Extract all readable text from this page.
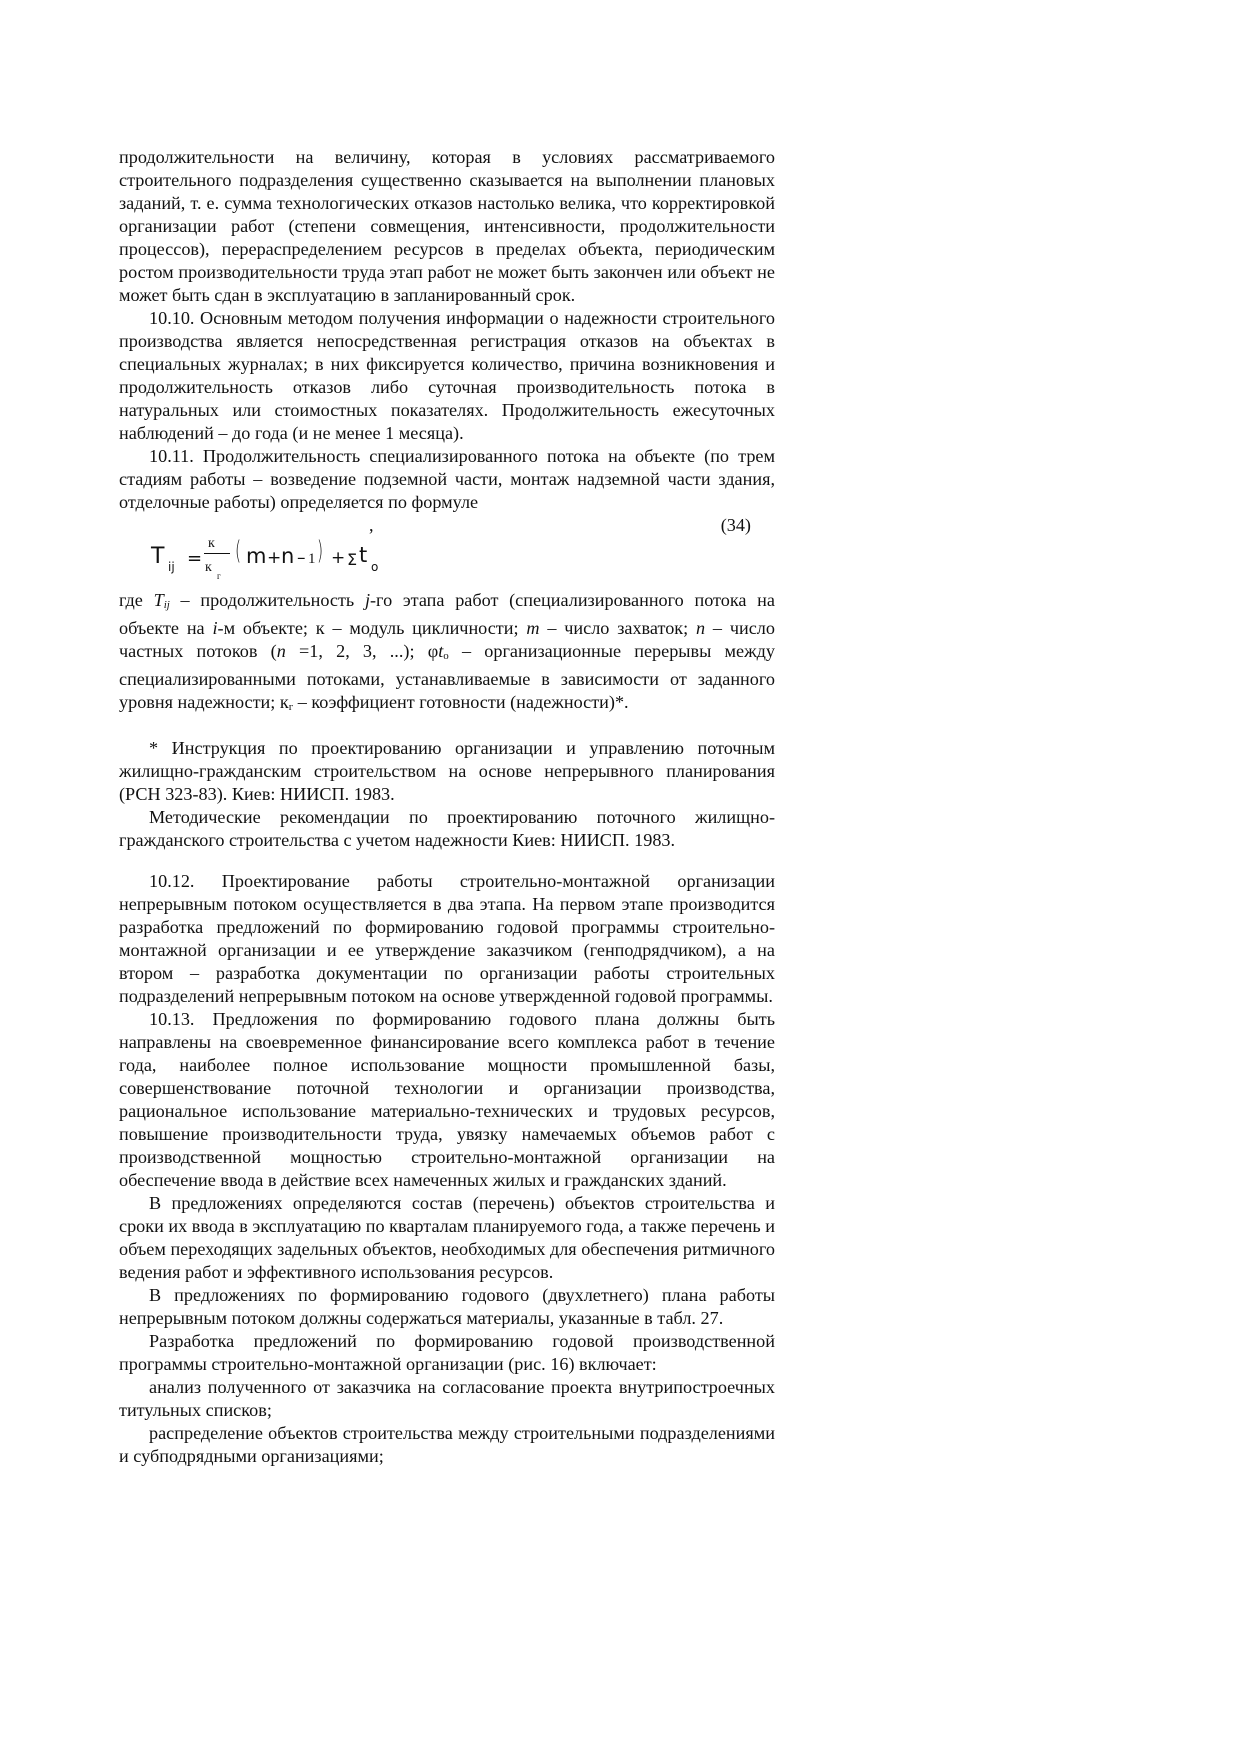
продолжительности на величину, которая в условиях рассматриваемого строительного подразделения существенно сказывается на выполнении плановых заданий, т. е. сумма технологических отказов настолько велика, что корректировкой организации работ (степени совмещения, интенсивности, продолжительности процессов), перераспределением ресурсов в пределах объекта, периодическим ростом производительности труда этап работ не может быть закончен или объект не может быть сдан в эксплуатацию в запланированный срок.

10.10. Основным методом получения информации о надежности строительного производства является непосредственная регистрация отказов на объектах в специальных журналах; в них фиксируется количество, причина возникновения и продолжительность отказов либо суточная производительность потока в натуральных или стоимостных показателях. Продолжительность ежесуточных наблюдений – до года (и не менее 1 месяца).

10.11. Продолжительность специализированного потока на объекте (по трем стадиям работы – возведение подземной части, монтаж надземной части здания, отделочные работы) определяется по формуле

,	(34)
T ij =
к
к
г
( m + n – 1 ) + Σ t o

где Tij – продолжительность j-го этапа работ (специализированного потока на объекте на i-м объекте; к – модуль цикличности; m – число захваток; n – число частных потоков (n =1, 2, 3, ...); φto – организационные перерывы между специализированными потоками, устанавливаемые в зависимости от заданного уровня надежности; кг – коэффициент готовности (надежности)*.

* Инструкция по проектированию организации и управлению поточным жилищно-гражданским строительством на основе непрерывного планирования (РСН 323-83). Киев: НИИСП. 1983.

Методические рекомендации по проектированию поточного жилищно-гражданского строительства с учетом надежности Киев: НИИСП. 1983.

10.12. Проектирование работы строительно-монтажной организации непрерывным потоком осуществляется в два этапа. На первом этапе производится разработка предложений по формированию годовой программы строительно-монтажной организации и ее утверждение заказчиком (генподрядчиком), а на втором – разработка документации по организации работы строительных подразделений непрерывным потоком на основе утвержденной годовой программы.

10.13. Предложения по формированию годового плана должны быть направлены на своевременное финансирование всего комплекса работ в течение года, наиболее полное использование мощности промышленной базы, совершенствование поточной технологии и организации производства, рациональное использование материально-технических и трудовых ресурсов, повышение производительности труда, увязку намечаемых объемов работ с производственной мощностью строительно-монтажной организации на обеспечение ввода в действие всех намеченных жилых и гражданских зданий.

В предложениях определяются состав (перечень) объектов строительства и сроки их ввода в эксплуатацию по кварталам планируемого года, а также перечень и объем переходящих задельных объектов, необходимых для обеспечения ритмичного ведения работ и эффективного использования ресурсов.

В предложениях по формированию годового (двухлетнего) плана работы непрерывным потоком должны содержаться материалы, указанные в табл. 27.

Разработка предложений по формированию годовой производственной программы строительно-монтажной организации (рис. 16) включает:

анализ полученного от заказчика на согласование проекта внутрипостроечных титульных списков;

распределение объектов строительства между строительными подразделениями и субподрядными организациями;
